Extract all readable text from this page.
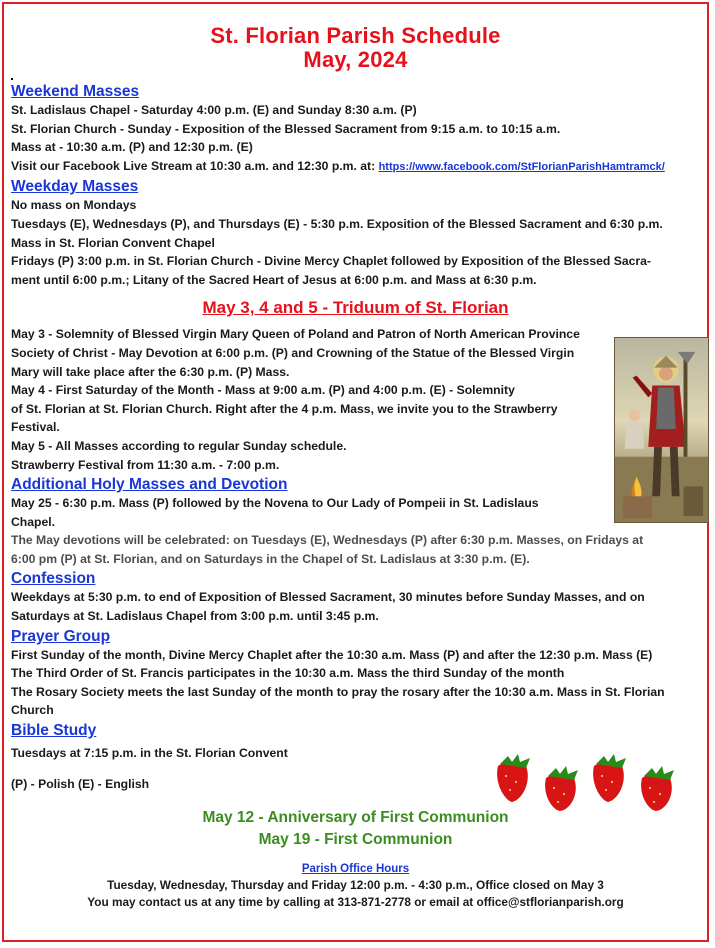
St. Florian Parish Schedule
May, 2024
Weekend Masses
St. Ladislaus Chapel - Saturday 4:00 p.m. (E) and Sunday 8:30 a.m. (P)
St. Florian Church - Sunday - Exposition of the Blessed Sacrament from 9:15 a.m. to 10:15 a.m.
Mass at - 10:30 a.m. (P) and 12:30 p.m. (E)
Visit our Facebook Live Stream at 10:30 a.m. and 12:30 p.m. at: https://www.facebook.com/StFlorianParishHamtramck/
Weekday Masses
No mass on Mondays
Tuesdays (E), Wednesdays (P), and Thursdays (E) - 5:30 p.m. Exposition of the Blessed Sacrament and 6:30 p.m.
Mass in St. Florian Convent Chapel
Fridays (P) 3:00 p.m. in St. Florian Church - Divine Mercy Chaplet followed by Exposition of the Blessed Sacra-
ment until 6:00 p.m.; Litany of the Sacred Heart of Jesus at 6:00 p.m. and Mass at 6:30 p.m.
May 3, 4 and 5 - Triduum of St. Florian
May 3 - Solemnity of Blessed Virgin Mary Queen of Poland and Patron of North American Province
Society of Christ - May Devotion at 6:00 p.m. (P) and Crowning of the Statue of the Blessed Virgin
Mary will take place after the 6:30 p.m. (P) Mass.
May 4 - First Saturday of the Month - Mass at 9:00 a.m. (P) and 4:00 p.m. (E) - Solemnity
of St. Florian at St. Florian Church. Right after the 4 p.m. Mass, we invite you to the Strawberry
Festival.
May 5 - All Masses according to regular Sunday schedule.
Strawberry Festival from 11:30 a.m. - 7:00 p.m.
Additional Holy Masses and Devotion
May 25 - 6:30 p.m. Mass (P) followed by the Novena to Our Lady of Pompeii in St. Ladislaus
Chapel.
The May devotions will be celebrated: on Tuesdays (E), Wednesdays (P) after 6:30 p.m. Masses, on Fridays at
6:00 pm (P) at St. Florian, and on Saturdays in the Chapel of St. Ladislaus at 3:30 p.m. (E).
Confession
Weekdays at 5:30 p.m. to end of Exposition of Blessed Sacrament, 30 minutes before Sunday Masses, and on
Saturdays at St. Ladislaus Chapel from 3:00 p.m. until 3:45 p.m.
Prayer Group
First Sunday of the month, Divine Mercy Chaplet after the 10:30 a.m. Mass (P) and after the 12:30 p.m. Mass (E)
The Third Order of St. Francis participates in the 10:30 a.m. Mass the third Sunday of the month
The Rosary Society meets the last Sunday of the month to pray the rosary after the 10:30 a.m. Mass in St. Florian
Church
Bible Study
Tuesdays at 7:15 p.m. in the St. Florian Convent
(P) - Polish (E) - English
May 12 - Anniversary of First Communion
May 19 - First Communion
Parish Office Hours
Tuesday, Wednesday, Thursday and Friday 12:00 p.m. - 4:30 p.m., Office closed on May 3
You may contact us at any time by calling at 313-871-2778 or email at office@stflorianparish.org
